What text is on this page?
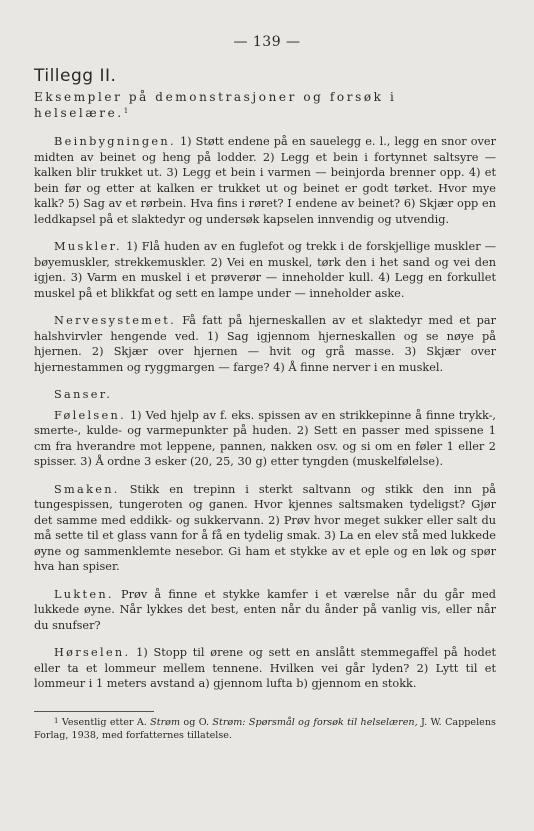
— 139 —
Tillegg II.

Eksempler på demonstrasjoner og forsøk i helselære.$^1$

Beinbygningen. 1) Støtt endene på en sauelegg e. l., legg en snor over midten av beinet og heng på lodder. 2) Legg et bein i fortynnet saltsyre — kalken blir trukket ut. 3) Legg et bein i varmen — beinjorda brenner opp. 4) et bein før og etter at kalken er trukket ut og beinet er godt tørket. Hvor mye kalk? 5) Sag av et rørbein. Hva fins i røret? I endene av beinet? 6) Skjær opp en leddkapsel på et slaktedyr og undersøk kapselen innvendig og utvendig.

Muskler. 1) Flå huden av en fuglefot og trekk i de forskjellige muskler — bøyemuskler, strekkemuskler. 2) Vei en muskel, tørk den i het sand og vei den igjen. 3) Varm en muskel i et prøverør — inneholder kull. 4) Legg en forkullet muskel på et blikkfat og sett en lampe under — inneholder aske.

Nervesystemet. Få fatt på hjerneskallen av et slaktedyr med et par halshvirvler hengende ved. 1) Sag igjennom hjerneskallen og se nøye på hjernen. 2) Skjær over hjernen — hvit og grå masse. 3) Skjær over hjernestammen og ryggmargen — farge? 4) Å finne nerver i en muskel.

Sanser.

Følelsen. 1) Ved hjelp av f. eks. spissen av en strikkepinne å finne trykk-, smerte-, kulde- og varmepunkter på huden. 2) Sett en passer med spissene 1 cm fra hverandre mot leppene, pannen, nakken osv. og si om en føler 1 eller 2 spisser. 3) Å ordne 3 esker (20, 25, 30 g) etter tyngden (muskelfølelse).

Smaken. Stikk en trepinn i sterkt saltvann og stikk den inn på tungespissen, tungeroten og ganen. Hvor kjennes saltsmaken tydeligst? Gjør det samme med eddikk- og sukkervann. 2) Prøv hvor meget sukker eller salt du må sette til et glass vann for å få en tydelig smak. 3) La en elev stå med lukkede øyne og sammenklemte nesebor. Gi ham et stykke av et eple og en løk og spør hva han spiser.

Lukten. Prøv å finne et stykke kamfer i et værelse når du går med lukkede øyne. Når lykkes det best, enten når du ånder på vanlig vis, eller når du snufser?

Hørselen. 1) Stopp til ørene og sett en anslått stemmegaffel på hodet eller ta et lommeur mellem tennene. Hvilken vei går lyden? 2) Lytt til et lommeur i 1 meters avstand a) gjennom lufta b) gjennom en stokk.

$^1$ Vesentlig etter A. Strøm og O. Strøm: Spørsmål og forsøk til helselæren, J. W. Cappelens Forlag, 1938, med forfatternes tillatelse.
